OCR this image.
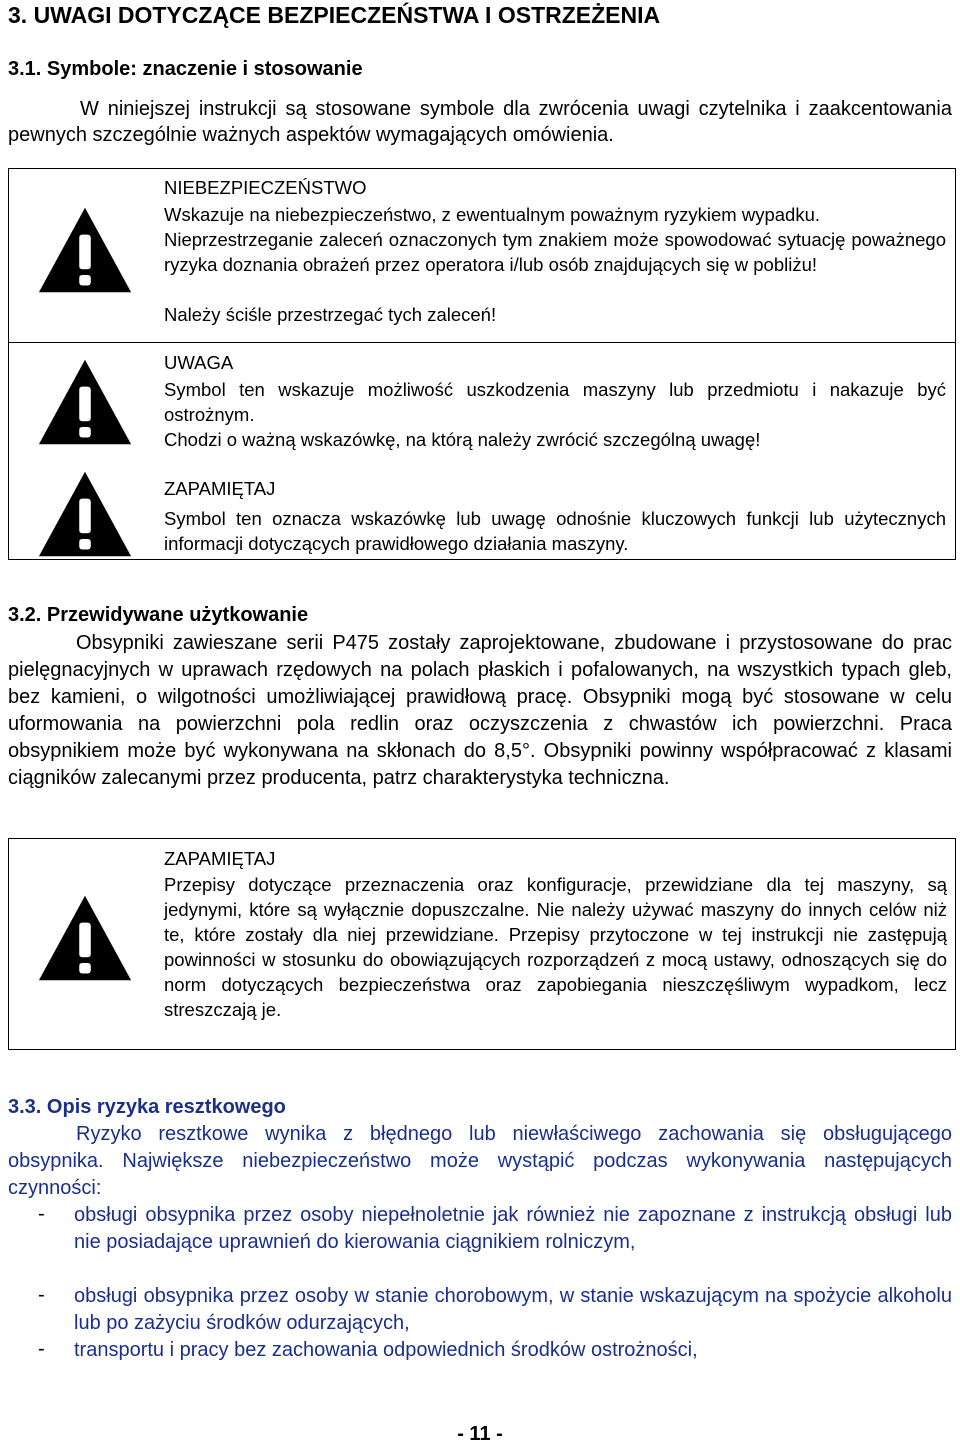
3. UWAGI DOTYCZĄCE BEZPIECZEŃSTWA I OSTRZEŻENIA
3.1. Symbole: znaczenie i stosowanie
W niniejszej instrukcji są stosowane symbole dla zwrócenia uwagi czytelnika i zaakcentowania pewnych szczególnie ważnych aspektów wymagających omówienia.
NIEBEZPIECZEŃSTWO
Wskazuje na niebezpieczeństwo, z ewentualnym poważnym ryzykiem wypadku.
Nieprzestrzeganie zaleceń oznaczonych tym znakiem może spowodować sytuację poważnego ryzyka doznania obrażeń przez operatora i/lub osób znajdujących się w pobliżu!
Należy ściśle przestrzegać tych zaleceń!
UWAGA
Symbol ten wskazuje możliwość uszkodzenia maszyny lub przedmiotu i nakazuje być ostrożnym.
Chodzi o ważną wskazówkę, na którą należy zwrócić szczególną uwagę!
ZAPAMIĘTAJ
Symbol ten oznacza wskazówkę lub uwagę odnośnie kluczowych funkcji lub użytecznych informacji dotyczących prawidłowego działania maszyny.
3.2. Przewidywane użytkowanie
Obsypniki zawieszane serii P475 zostały zaprojektowane, zbudowane i przystosowane do prac pielęgnacyjnych w uprawach rzędowych na polach płaskich i pofalowanych, na wszystkich typach gleb, bez kamieni, o wilgotności umożliwiającej prawidłową pracę. Obsypniki mogą być stosowane w celu uformowania na powierzchni pola redlin oraz oczyszczenia z chwastów ich powierzchni. Praca obsypnikiem może być wykonywana na skłonach do 8,5°. Obsypniki powinny współpracować z klasami ciągników zalecanymi przez producenta, patrz charakterystyka techniczna.
ZAPAMIĘTAJ
Przepisy dotyczące przeznaczenia oraz konfiguracje, przewidziane dla tej maszyny, są jedynymi, które są wyłącznie dopuszczalne. Nie należy używać maszyny do innych celów niż te, które zostały dla niej przewidziane. Przepisy przytoczone w tej instrukcji nie zastępują powinności w stosunku do obowiązujących rozporządzeń z mocą ustawy, odnoszących się do norm dotyczących bezpieczeństwa oraz zapobiegania nieszczęśliwym wypadkom, lecz streszczają je.
3.3. Opis ryzyka resztkowego
Ryzyko resztkowe wynika z błędnego lub niewłaściwego zachowania się obsługującego obsypnika. Największe niebezpieczeństwo może wystąpić podczas wykonywania następujących czynności:
- obsługi obsypnika przez osoby niepełnoletnie jak również nie zapoznane z instrukcją obsługi lub nie posiadające uprawnień do kierowania ciągnikiem rolniczym,
- obsługi obsypnika przez osoby w stanie chorobowym, w stanie wskazującym na spożycie alkoholu lub po zażyciu środków odurzających,
- transportu i pracy bez zachowania odpowiednich środków ostrożności,
- 11 -
